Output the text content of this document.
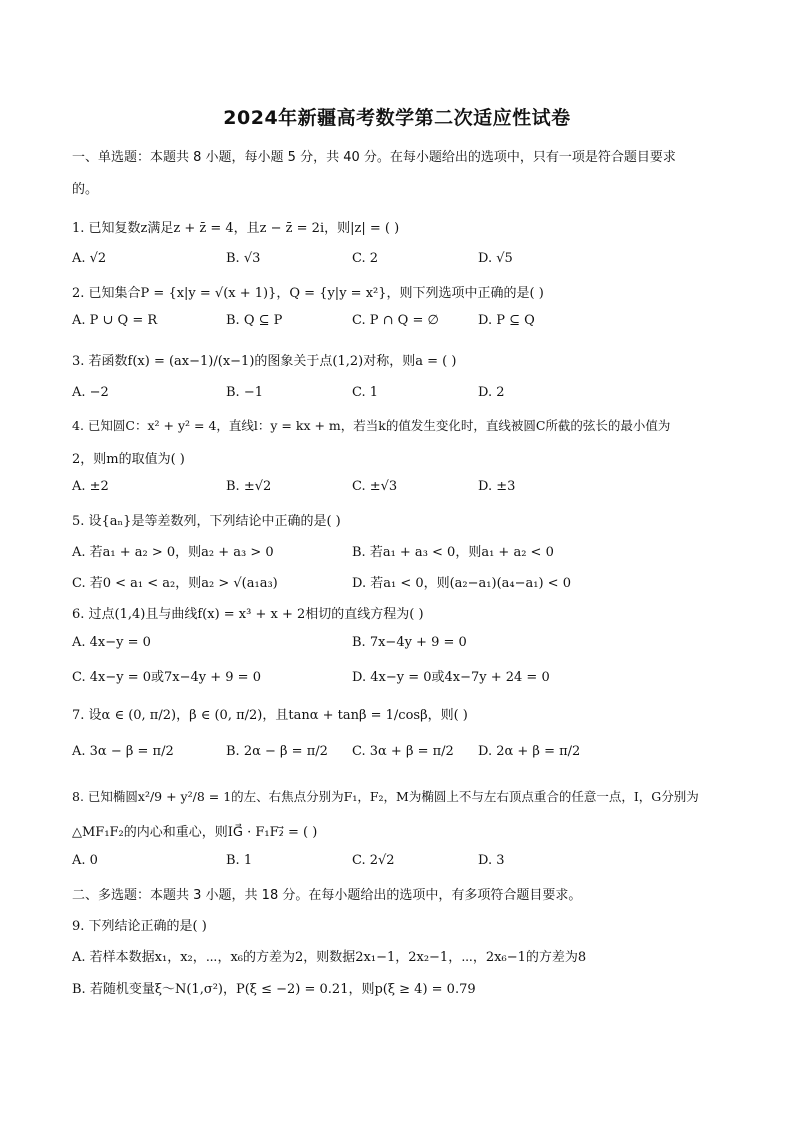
2024年新疆高考数学第二次适应性试卷
一、单选题：本题共 8 小题，每小题 5 分，共 40 分。在每小题给出的选项中，只有一项是符合题目要求
的。
1. 已知复数z满足z + z̄ = 4，且z − z̄ = 2i，则|z| = ( )
A. √2	B. √3	C. 2	D. √5
2. 已知集合P = {x|y = √(x + 1)}，Q = {y|y = x²}，则下列选项中正确的是( )
A. P ∪ Q = R	B. Q ⊆ P	C. P ∩ Q = ∅	D. P ⊆ Q
3. 若函数f(x) = (ax−1)/(x−1)的图象关于点(1,2)对称，则a = ( )
A. −2	B. −1	C. 1	D. 2
4. 已知圆C：x² + y² = 4，直线l：y = kx + m，若当k的值发生变化时，直线被圆C所截的弦长的最小值为
2，则m的取值为( )
A. ±2	B. ±√2	C. ±√3	D. ±3
5. 设{aₙ}是等差数列，下列结论中正确的是( )
A. 若a₁ + a₂ > 0，则a₂ + a₃ > 0	B. 若a₁ + a₃ < 0，则a₁ + a₂ < 0
C. 若0 < a₁ < a₂，则a₂ > √(a₁a₃)	D. 若a₁ < 0，则(a₂−a₁)(a₄−a₁) < 0
6. 过点(1,4)且与曲线f(x) = x³ + x + 2相切的直线方程为( )
A. 4x−y = 0	B. 7x−4y + 9 = 0
C. 4x−y = 0或7x−4y + 9 = 0	D. 4x−y = 0或4x−7y + 24 = 0
7. 设α ∈ (0, π/2)，β ∈ (0, π/2)，且tanα + tanβ = 1/cosβ，则( )
A. 3α − β = π/2	B. 2α − β = π/2 C. 3α + β = π/2 D. 2α + β = π/2
8. 已知椭圆x²/9 + y²/8 = 1的左、右焦点分别为F₁，F₂，M为椭圆上不与左右顶点重合的任意一点，I，G分别为
△MF₁F₂的内心和重心，则IG⃗ · F₁F₂⃗ = ( )
A. 0	B. 1	C. 2√2	D. 3
二、多选题：本题共 3 小题，共 18 分。在每小题给出的选项中，有多项符合题目要求。
9. 下列结论正确的是( )
A. 若样本数据x₁，x₂，⋯，x₆的方差为2，则数据2x₁−1，2x₂−1，⋯，2x₆−1的方差为8
B. 若随机变量ξ～N(1,σ²)，P(ξ ≤ −2) = 0.21，则p(ξ ≥ 4) = 0.79
